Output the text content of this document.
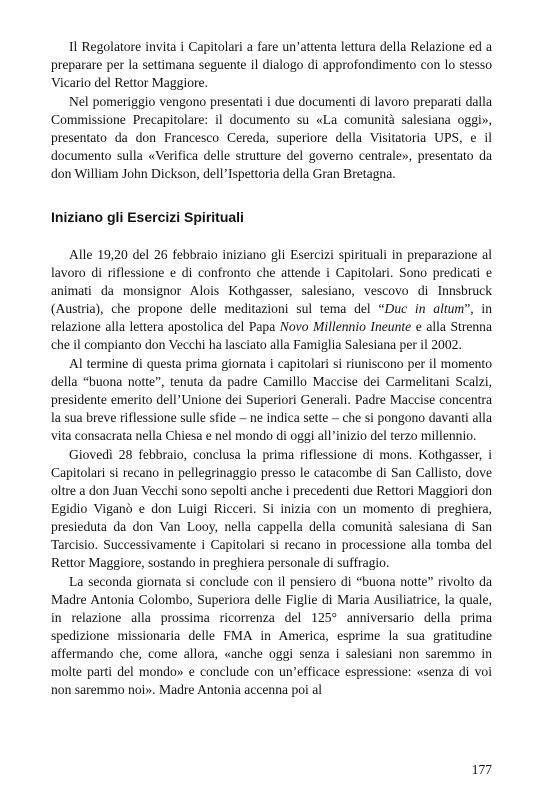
Il Regolatore invita i Capitolari a fare un’attenta lettura della Relazione ed a preparare per la settimana seguente il dialogo di approfondimento con lo stesso Vicario del Rettor Maggiore.

Nel pomeriggio vengono presentati i due documenti di lavoro preparati dalla Commissione Precapitolare: il documento su «La comunità salesiana oggi», presentato da don Francesco Cereda, superiore della Visitatoria UPS, e il documento sulla «Verifica delle strutture del governo centrale», presentato da don William John Dickson, dell’Ispettoria della Gran Bretagna.

Iniziano gli Esercizi Spirituali

Alle 19,20 del 26 febbraio iniziano gli Esercizi spirituali in preparazione al lavoro di riflessione e di confronto che attende i Capitolari. Sono predicati e animati da monsignor Alois Kothgasser, salesiano, vescovo di Innsbruck (Austria), che propone delle meditazioni sul tema del “Duc in altum”, in relazione alla lettera apostolica del Papa Novo Millennio Ineunte e alla Strenna che il compianto don Vecchi ha lasciato alla Famiglia Salesiana per il 2002.

Al termine di questa prima giornata i capitolari si riuniscono per il momento della “buona notte”, tenuta da padre Camillo Maccise dei Carmelitani Scalzi, presidente emerito dell’Unione dei Superiori Generali. Padre Maccise concentra la sua breve riflessione sulle sfide – ne indica sette – che si pongono davanti alla vita consacrata nella Chiesa e nel mondo di oggi all’inizio del terzo millennio.

Giovedì 28 febbraio, conclusa la prima riflessione di mons. Kothgasser, i Capitolari si recano in pellegrinaggio presso le catacombe di San Callisto, dove oltre a don Juan Vecchi sono sepolti anche i precedenti due Rettori Maggiori don Egidio Viganò e don Luigi Ricceri. Si inizia con un momento di preghiera, presieduta da don Van Looy, nella cappella della comunità salesiana di San Tarcisio. Successivamente i Capitolari si recano in processione alla tomba del Rettor Maggiore, sostando in preghiera personale di suffragio.

La seconda giornata si conclude con il pensiero di “buona notte” rivolto da Madre Antonia Colombo, Superiora delle Figlie di Maria Ausiliatrice, la quale, in relazione alla prossima ricorrenza del 125° anniversario della prima spedizione missionaria delle FMA in America, esprime la sua gratitudine affermando che, come allora, «anche oggi senza i salesiani non saremmo in molte parti del mondo» e conclude con un’efficace espressione: «senza di voi non saremmo noi». Madre Antonia accenna poi al

177
